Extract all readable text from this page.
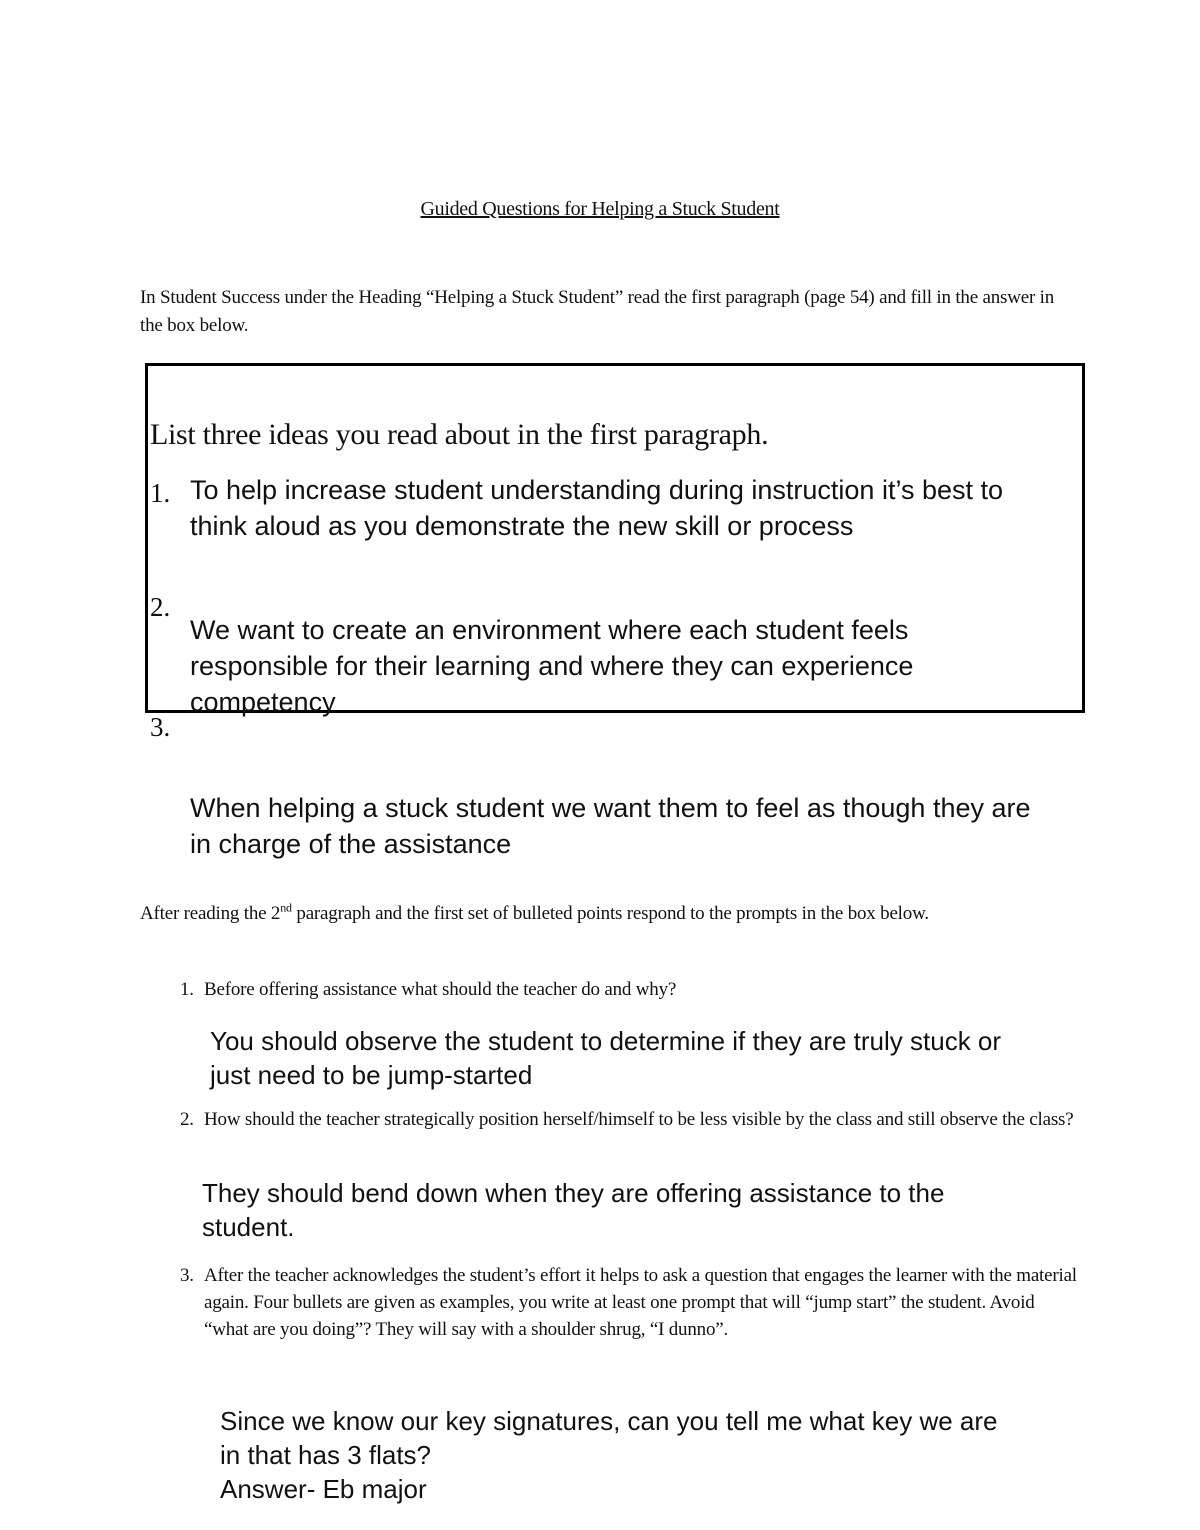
Guided Questions for Helping a Stuck Student
In Student Success under the Heading “Helping a Stuck Student” read the first paragraph (page 54) and fill in the answer in the box below.
List three ideas you read about in the first paragraph.
1. To help increase student understanding during instruction it’s best to think aloud as you demonstrate the new skill or process
2.
We want to create an environment where each student feels responsible for their learning and where they can experience competency
3.
When helping a stuck student we want them to feel as though they are in charge of the assistance
After reading the 2nd paragraph and the first set of bulleted points respond to the prompts in the box below.
1. Before offering assistance what should the teacher do and why?
You should observe the student to determine if they are truly stuck or just need to be jump-started
2. How should the teacher strategically position herself/himself to be less visible by the class and still observe the class?
They should bend down when they are offering assistance to the student.
3. After the teacher acknowledges the student’s effort it helps to ask a question that engages the learner with the material again. Four bullets are given as examples, you write at least one prompt that will “jump start” the student. Avoid “what are you doing”? They will say with a shoulder shrug, “I dunno”.
Since we know our key signatures, can you tell me what key we are in that has 3 flats?
Answer- Eb major
